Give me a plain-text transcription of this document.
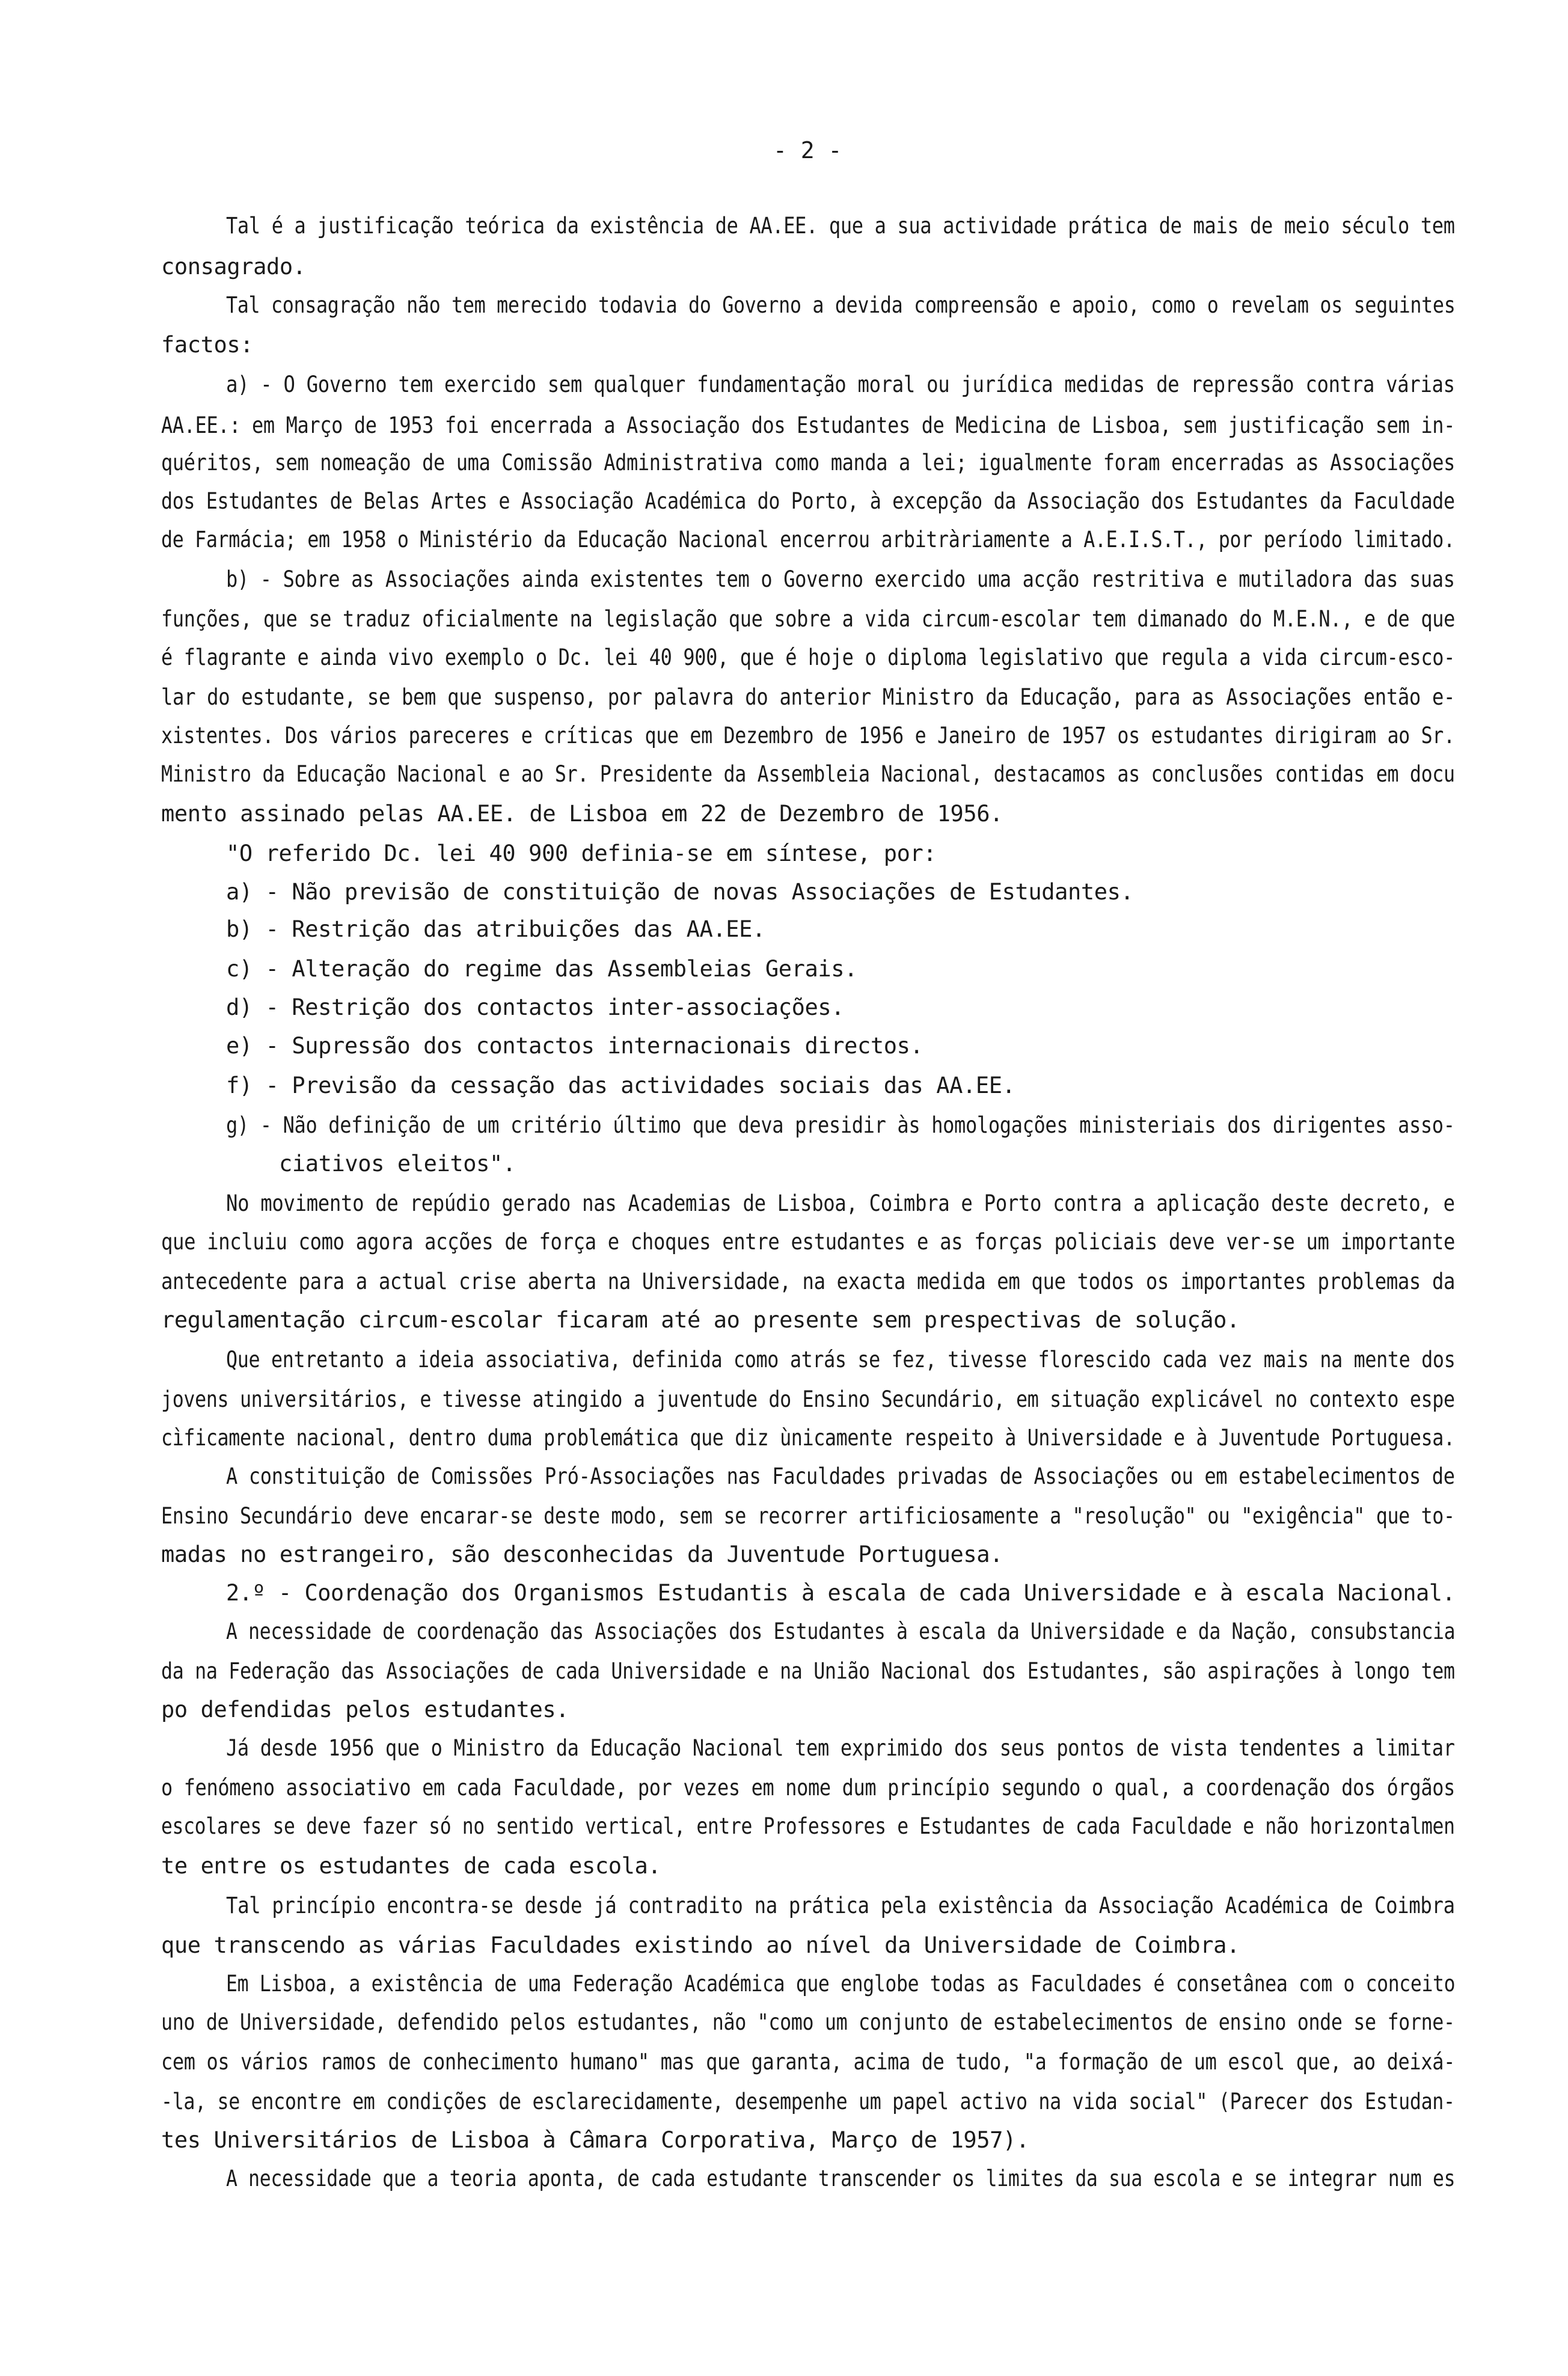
- 2 -
Tal é a justificação teórica da existência de AA.EE. que a sua actividade prática de mais de meio século tem
consagrado.
Tal consagração não tem merecido todavia do Governo a devida compreensão e apoio, como o revelam os seguintes
factos:
a) - O Governo tem exercido sem qualquer fundamentação moral ou jurídica medidas de repressão contra várias
AA.EE.: em Março de 1953 foi encerrada a Associação dos Estudantes de Medicina de Lisboa, sem justificação sem in-
quéritos, sem nomeação de uma Comissão Administrativa como manda a lei; igualmente foram encerradas as Associações
dos Estudantes de Belas Artes e Associação Académica do Porto, à excepção da Associação dos Estudantes da Faculdade
de Farmácia; em 1958 o Ministério da Educação Nacional encerrou arbitràriamente a A.E.I.S.T., por período limitado.
b) - Sobre as Associações ainda existentes tem o Governo exercido uma acção restritiva e mutiladora das suas
funções, que se traduz oficialmente na legislação que sobre a vida circum-escolar tem dimanado do M.E.N., e de que
é flagrante e ainda vivo exemplo o Dc. lei 40 900, que é hoje o diploma legislativo que regula a vida circum-esco-
lar do estudante, se bem que suspenso, por palavra do anterior Ministro da Educação, para as Associações então e-
xistentes. Dos vários pareceres e críticas que em Dezembro de 1956 e Janeiro de 1957 os estudantes dirigiram ao Sr.
Ministro da Educação Nacional e ao Sr. Presidente da Assembleia Nacional, destacamos as conclusões contidas em docu
mento assinado pelas AA.EE. de Lisboa em 22 de Dezembro de 1956.
"O referido Dc. lei 40 900 definia-se em síntese, por:
a) - Não previsão de constituição de novas Associações de Estudantes.
b) - Restrição das atribuições das AA.EE.
c) - Alteração do regime das Assembleias Gerais.
d) - Restrição dos contactos inter-associações.
e) - Supressão dos contactos internacionais directos.
f) - Previsão da cessação das actividades sociais das AA.EE.
g) - Não definição de um critério último que deva presidir às homologações ministeriais dos dirigentes asso-
ciativos eleitos".
No movimento de repúdio gerado nas Academias de Lisboa, Coimbra e Porto contra a aplicação deste decreto, e
que incluiu como agora acções de força e choques entre estudantes e as forças policiais deve ver-se um importante
antecedente para a actual crise aberta na Universidade, na exacta medida em que todos os importantes problemas da
regulamentação circum-escolar ficaram até ao presente sem prespectivas de solução.
Que entretanto a ideia associativa, definida como atrás se fez, tivesse florescido cada vez mais na mente dos
jovens universitários, e tivesse atingido a juventude do Ensino Secundário, em situação explicável no contexto espe
cìficamente nacional, dentro duma problemática que diz ùnicamente respeito à Universidade e à Juventude Portuguesa.
A constituição de Comissões Pró-Associações nas Faculdades privadas de Associações ou em estabelecimentos de
Ensino Secundário deve encarar-se deste modo, sem se recorrer artificiosamente a "resolução" ou "exigência" que to-
madas no estrangeiro, são desconhecidas da Juventude Portuguesa.
2.º - Coordenação dos Organismos Estudantis à escala de cada Universidade e à escala Nacional.
A necessidade de coordenação das Associações dos Estudantes à escala da Universidade e da Nação, consubstancia
da na Federação das Associações de cada Universidade e na União Nacional dos Estudantes, são aspirações à longo tem
po defendidas pelos estudantes.
Já desde 1956 que o Ministro da Educação Nacional tem exprimido dos seus pontos de vista tendentes a limitar
o fenómeno associativo em cada Faculdade, por vezes em nome dum princípio segundo o qual, a coordenação dos órgãos
escolares se deve fazer só no sentido vertical, entre Professores e Estudantes de cada Faculdade e não horizontalmen
te entre os estudantes de cada escola.
Tal princípio encontra-se desde já contradito na prática pela existência da Associação Académica de Coimbra
que transcendo as várias Faculdades existindo ao nível da Universidade de Coimbra.
Em Lisboa, a existência de uma Federação Académica que englobe todas as Faculdades é consetânea com o conceito
uno de Universidade, defendido pelos estudantes, não "como um conjunto de estabelecimentos de ensino onde se forne-
cem os vários ramos de conhecimento humano" mas que garanta, acima de tudo, "a formação de um escol que, ao deixá-
-la, se encontre em condições de esclarecidamente, desempenhe um papel activo na vida social" (Parecer dos Estudan-
tes Universitários de Lisboa à Câmara Corporativa, Março de 1957).
A necessidade que a teoria aponta, de cada estudante transcender os limites da sua escola e se integrar num es
